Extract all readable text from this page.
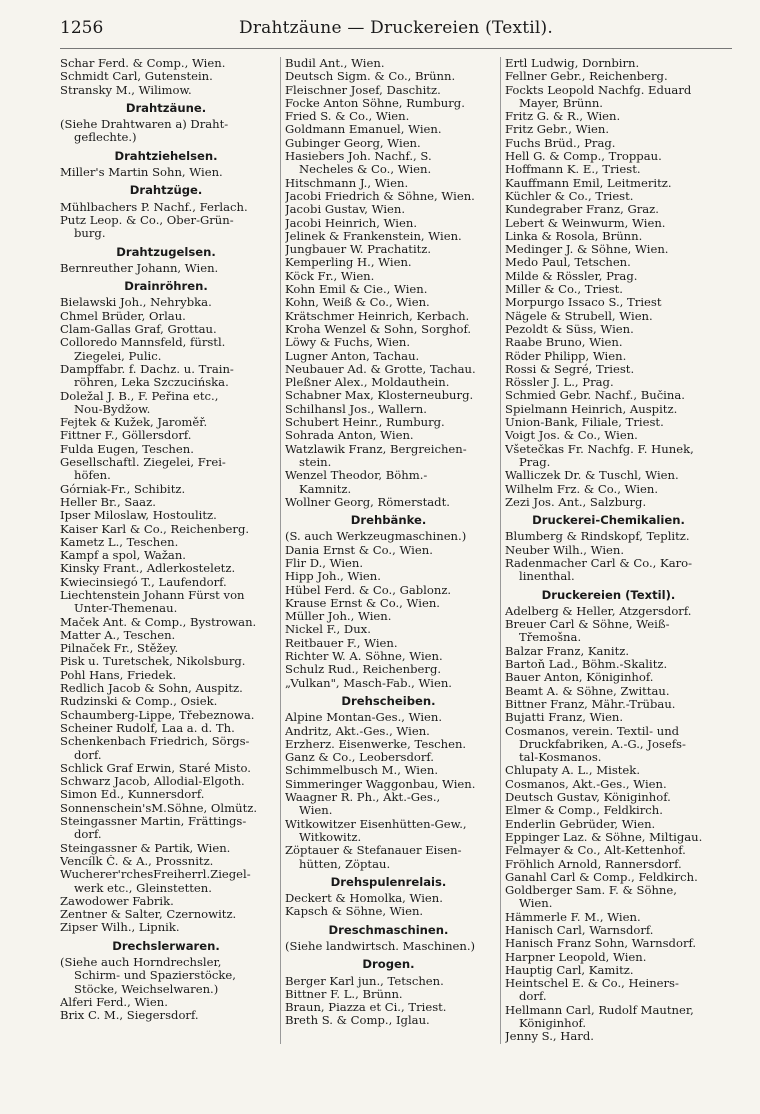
1256	Drahtzäune — Druckereien (Textil).
Schar Ferd. & Comp., Wien.
Schmidt Carl, Gutenstein.
Stransky M., Wilimow.
Drahtzäune.
(Siehe Drahtwaren a) Draht-
geflechte.)
Drahtziehelsen.
Miller's Martin Sohn, Wien.
Drahtzüge.
Mühlbachers P. Nachf., Ferlach.
Putz Leop. & Co., Ober-Grün-
burg.
Drahtzugelsen.
Bernreuther Johann, Wien.
Drainröhren.
Bielawski Joh., Nehrybka.
Chmel Brüder, Orlau.
Clam-Gallas Graf, Grottau.
Colloredo Mannsfeld, fürstl.
Ziegelei, Pulic.
Dampffabr. f. Dachz. u. Train-
röhren, Leka Szczucińska.
Doležal J. B., F. Peřina etc.,
Nou-Bydžow.
Fejtek & Kužek, Jaroměř.
Fittner F., Göllersdorf.
Fulda Eugen, Teschen.
Gesellschaftl. Ziegelei, Frei-
höfen.
Górniak-Fr., Schibitz.
Heller Br., Saaz.
Ipser Miloslaw, Hostoulitz.
Kaiser Karl & Co., Reichenberg.
Kametz L., Teschen.
Kampf a spol, Wažan.
Kinsky Frant., Adlerkosteletz.
Kwiecinsiegó T., Laufendorf.
Liechtenstein Johann Fürst von
Unter-Themenau.
Maček Ant. & Comp., Bystrowan.
Matter A., Teschen.
Pilnaček Fr., Stěžey.
Pisk u. Turetschek, Nikolsburg.
Pohl Hans, Friedek.
Redlich Jacob & Sohn, Auspitz.
Rudzinski & Comp., Osiek.
Schaumberg-Lippe, Třebeznowa.
Scheiner Rudolf, Laa a. d. Th.
Schenkenbach Friedrich, Sörgs-
dorf.
Schlick Graf Erwin, Staré Misto.
Schwarz Jacob, Allodial-Elgoth.
Simon Ed., Kunnersdorf.
Sonnenschein'sM.Söhne, Olmütz.
Steingassner Martin, Frättings-
dorf.
Steingassner & Partik, Wien.
Vencílk Č. & A., Prossnitz.
Wucherer'rchesFreiherrl.Ziegel-
werk etc., Gleinstetten.
Zawodower Fabrik.
Zentner & Salter, Czernowitz.
Zipser Wilh., Lipnik.
Drechslerwaren.
(Siehe auch Horndrechsler,
Schirm- und Spazierstöcke,
Stöcke, Weichselwaren.)
Alferi Ferd., Wien.
Brix C. M., Siegersdorf.
Budil Ant., Wien.
Deutsch Sigm. & Co., Brünn.
Fleischner Josef, Daschitz.
Focke Anton Söhne, Rumburg.
Fried S. & Co., Wien.
Goldmann Emanuel, Wien.
Gubinger Georg, Wien.
Hasiebers Joh. Nachf., S.
Necheles & Co., Wien.
Hitschmann J., Wien.
Jacobi Friedrich & Söhne, Wien.
Jacobi Gustav, Wien.
Jacobi Heinrich, Wien.
Jelinek & Frankenstein, Wien.
Jungbauer W. Prachatitz.
Kemperling H., Wien.
Köck Fr., Wien.
Kohn Emil & Cie., Wien.
Kohn, Weiß & Co., Wien.
Krätschmer Heinrich, Kerbach.
Kroha Wenzel & Sohn, Sorghof.
Löwy & Fuchs, Wien.
Lugner Anton, Tachau.
Neubauer Ad. & Grotte, Tachau.
Pleßner Alex., Moldauthein.
Schabner Max, Klosterneuburg.
Schilhansl Jos., Wallern.
Schubert Heinr., Rumburg.
Sohrada Anton, Wien.
Watzlawik Franz, Bergreichen-
stein.
Wenzel Theodor, Böhm.-
Kamnitz.
Wollner Georg, Römerstadt.
Drehbänke.
(S. auch Werkzeugmaschinen.)
Dania Ernst & Co., Wien.
Flir D., Wien.
Hipp Joh., Wien.
Hübel Ferd. & Co., Gablonz.
Krause Ernst & Co., Wien.
Müller Joh., Wien.
Nickel F., Dux.
Reitbauer F., Wien.
Richter W. A. Söhne, Wien.
Schulz Rud., Reichenberg.
„Vulkan", Masch-Fab., Wien.
Drehscheiben.
Alpine Montan-Ges., Wien.
Andritz, Akt.-Ges., Wien.
Erzherz. Eisenwerke, Teschen.
Ganz & Co., Leobersdorf.
Schimmelbusch M., Wien.
Simmeringer Waggonbau, Wien.
Waagner R. Ph., Akt.-Ges.,
Wien.
Witkowitzer Eisenhütten-Gew.,
Witkowitz.
Zöptauer & Stefanauer Eisen-
hütten, Zöptau.
Drehspulenrelais.
Deckert & Homolka, Wien.
Kapsch & Söhne, Wien.
Dreschmaschinen.
(Siehe landwirtsch. Maschinen.)
Drogen.
Berger Karl jun., Tetschen.
Bittner F. L., Brünn.
Braun, Piazza et Ci., Triest.
Breth S. & Comp., Iglau.
Ertl Ludwig, Dornbirn.
Fellner Gebr., Reichenberg.
Fockts Leopold Nachfg. Eduard
Mayer, Brünn.
Fritz G. & R., Wien.
Fritz Gebr., Wien.
Fuchs Brüd., Prag.
Hell G. & Comp., Troppau.
Hoffmann K. E., Triest.
Kauffmann Emil, Leitmeritz.
Küchler & Co., Triest.
Kundegraber Franz, Graz.
Lebert & Weinwurm, Wien.
Linka & Rosola, Brünn.
Medinger J. & Söhne, Wien.
Medo Paul, Tetschen.
Milde & Rössler, Prag.
Miller & Co., Triest.
Morpurgo Issaco S., Triest
Nägele & Strubell, Wien.
Pezoldt & Süss, Wien.
Raabe Bruno, Wien.
Röder Philipp, Wien.
Rossi & Segré, Triest.
Rössler J. L., Prag.
Schmied Gebr. Nachf., Bučina.
Spielmann Heinrich, Auspitz.
Union-Bank, Filiale, Triest.
Voigt Jos. & Co., Wien.
Všetečkas Fr. Nachfg. F. Hunek,
Prag.
Walliczek Dr. & Tuschl, Wien.
Wilhelm Frz. & Co., Wien.
Zezi Jos. Ant., Salzburg.
Druckerei-Chemikalien.
Blumberg & Rindskopf, Teplitz.
Neuber Wilh., Wien.
Radenmacher Carl & Co., Karo-
linenthal.
Druckereien (Textil).
Adelberg & Heller, Atzgersdorf.
Breuer Carl & Söhne, Weiß-
Třemošna.
Balzar Franz, Kanitz.
Bartoň Lad., Böhm.-Skalitz.
Bauer Anton, Königinhof.
Beamt A. & Söhne, Zwittau.
Bittner Franz, Mähr.-Trübau.
Bujatti Franz, Wien.
Cosmanos, verein. Textil- und
Druckfabriken, A.-G., Josefs-
tal-Kosmanos.
Chlupaty A. L., Mistek.
Cosmanos, Akt.-Ges., Wien.
Deutsch Gustav, Königinhof.
Elmer & Comp., Feldkirch.
Enderlin Gebrüder, Wien.
Eppinger Laz. & Söhne, Miltigau.
Felmayer & Co., Alt-Kettenhof.
Fröhlich Arnold, Rannersdorf.
Ganahl Carl & Comp., Feldkirch.
Goldberger Sam. F. & Söhne,
Wien.
Hämmerle F. M., Wien.
Hanisch Carl, Warnsdorf.
Hanisch Franz Sohn, Warnsdorf.
Harpner Leopold, Wien.
Hauptig Carl, Kamitz.
Heintschel E. & Co., Heiners-
dorf.
Hellmann Carl, Rudolf Mautner,
Königinhof.
Jenny S., Hard.
